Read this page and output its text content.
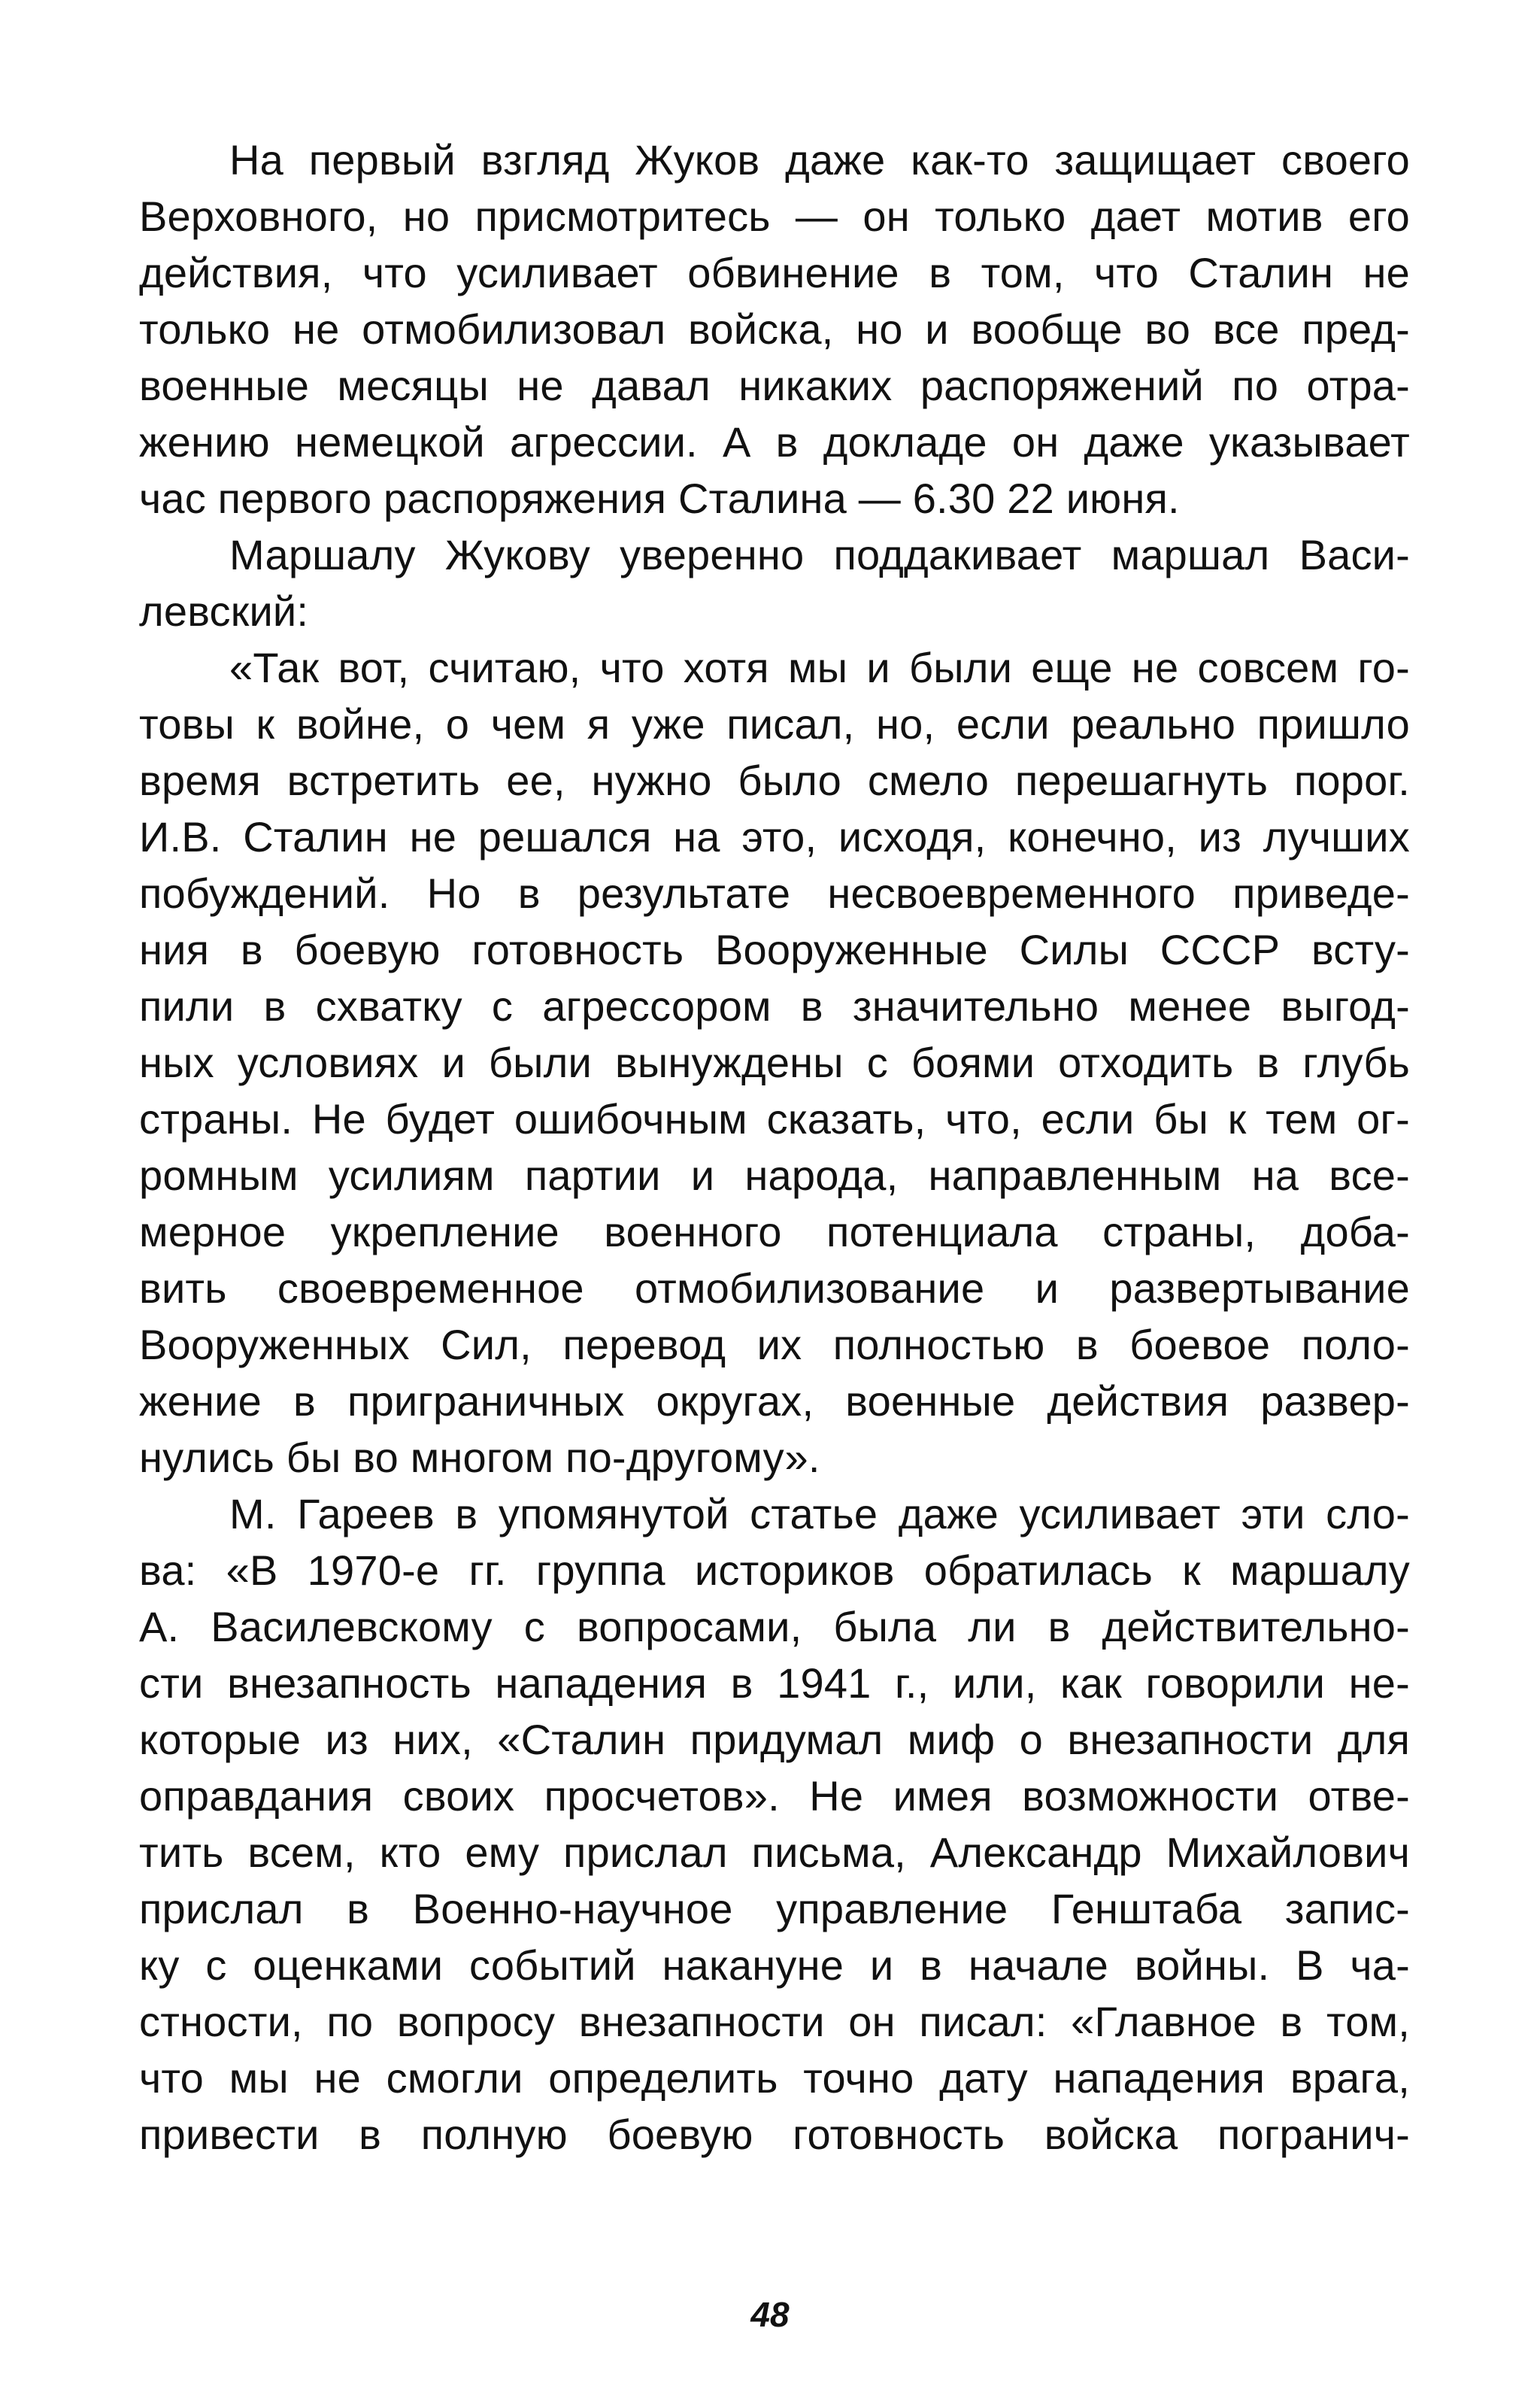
На первый взгляд Жуков даже как-то защищает своего
Верховного, но присмотритесь — он только дает мотив его
действия, что усиливает обвинение в том, что Сталин не
только не отмобилизовал войска, но и вообще во все пред-
военные месяцы не давал никаких распоряжений по отра-
жению немецкой агрессии. А в докладе он даже указывает
час первого распоряжения Сталина — 6.30 22 июня.
Маршалу Жукову уверенно поддакивает маршал Васи-
левский:
«Так вот, считаю, что хотя мы и были еще не совсем го-
товы к войне, о чем я уже писал, но, если реально пришло
время встретить ее, нужно было смело перешагнуть порог.
И.В. Сталин не решался на это, исходя, конечно, из лучших
побуждений. Но в результате несвоевременного приведе-
ния в боевую готовность Вооруженные Силы СССР всту-
пили в схватку с агрессором в значительно менее выгод-
ных условиях и были вынуждены с боями отходить в глубь
страны. Не будет ошибочным сказать, что, если бы к тем ог-
ромным усилиям партии и народа, направленным на все-
мерное укрепление военного потенциала страны, доба-
вить своевременное отмобилизование и развертывание
Вооруженных Сил, перевод их полностью в боевое поло-
жение в приграничных округах, военные действия развер-
нулись бы во многом по-другому».
М. Гареев в упомянутой статье даже усиливает эти сло-
ва: «В 1970-е гг. группа историков обратилась к маршалу
А. Василевскому с вопросами, была ли в действительно-
сти внезапность нападения в 1941 г., или, как говорили не-
которые из них, «Сталин придумал миф о внезапности для
оправдания своих просчетов». Не имея возможности отве-
тить всем, кто ему прислал письма, Александр Михайлович
прислал в Военно-научное управление Генштаба запис-
ку с оценками событий накануне и в начале войны. В ча-
стности, по вопросу внезапности он писал: «Главное в том,
что мы не смогли определить точно дату нападения врага,
привести в полную боевую готовность войска погранич-
48
